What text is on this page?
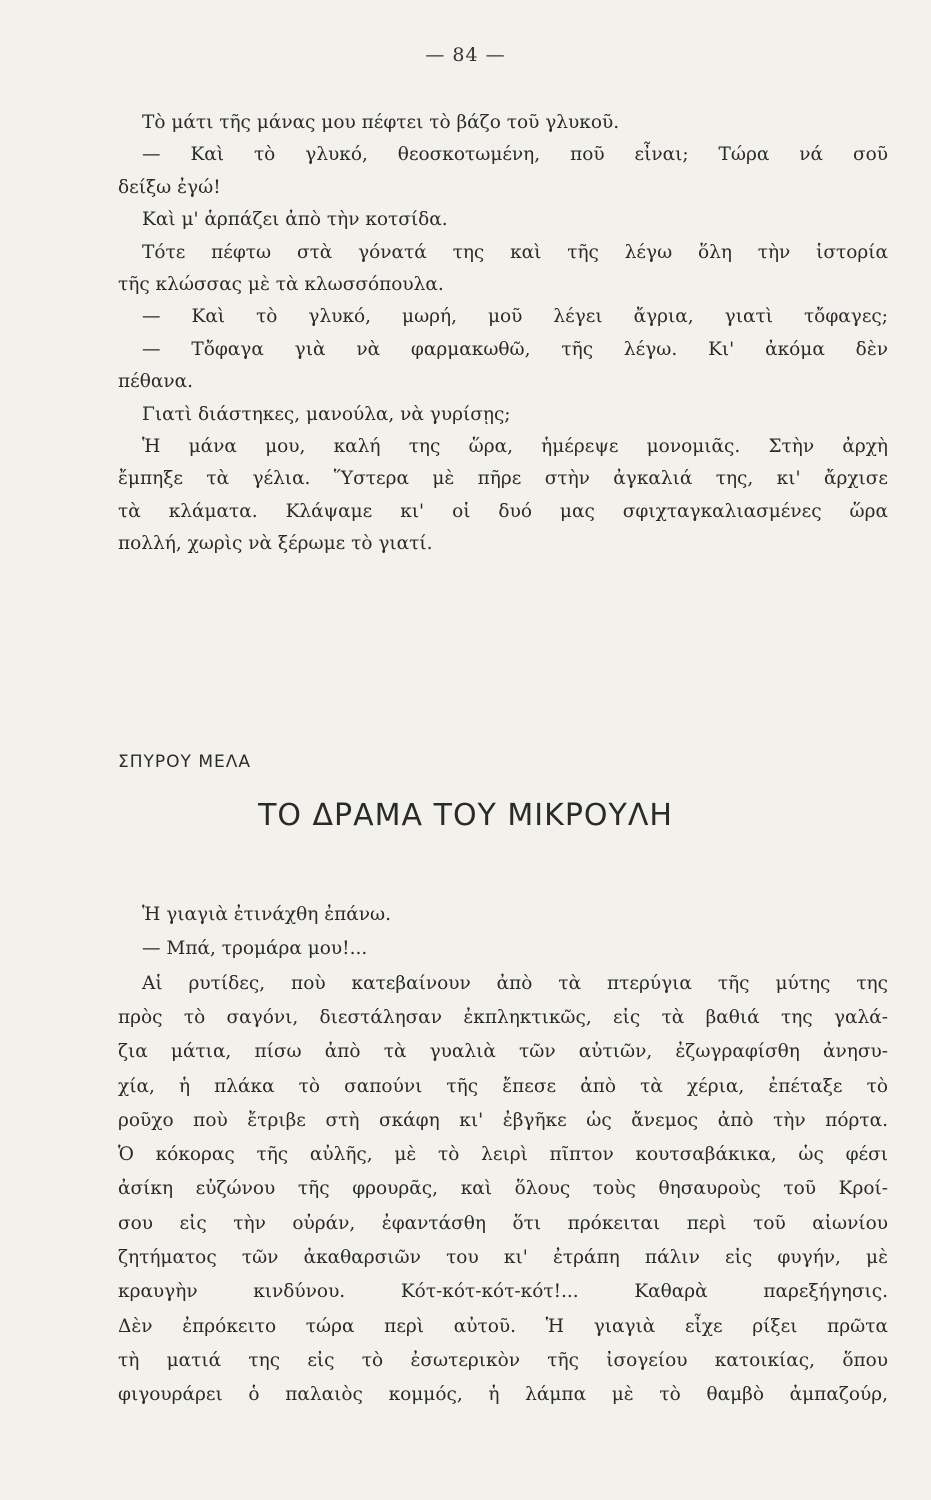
— 84 —
Τὸ μάτι τῆς μάνας μου πέφτει τὸ βάζο τοῦ γλυκοῦ.
— Καὶ τὸ γλυκό, θεοσκοτωμένη, ποῦ εἶναι; Τώρα νά σοῦ
δείξω ἐγώ!
Καὶ μ' ἁρπάζει ἀπὸ τὴν κοτσίδα.
Τότε πέφτω στὰ γόνατά της καὶ τῆς λέγω ὅλη τὴν ἱστορία
τῆς κλώσσας μὲ τὰ κλωσσόπουλα.
— Καὶ τὸ γλυκό, μωρή, μοῦ λέγει ἄγρια, γιατὶ τὄφαγες;
— Τὄφαγα γιὰ νὰ φαρμακωθῶ, τῆς λέγω. Κι' ἀκόμα δὲν
πέθανα.
Γιατὶ διάστηκες, μανούλα, νὰ γυρίσῃς;
Ἡ μάνα μου, καλή της ὥρα, ἡμέρεψε μονομιᾶς. Στὴν ἀρχὴ
ἔμπηξε τὰ γέλια. Ὕστερα μὲ πῆρε στὴν ἀγκαλιά της, κι' ἄρχισε
τὰ κλάματα. Κλάψαμε κι' οἱ δυό μας σφιχταγκαλιασμένες ὥρα
πολλή, χωρὶς νὰ ξέρωμε τὸ γιατί.
ΣΠΥΡΟΥ ΜΕΛΑ
ΤΟ ΔΡΑΜΑ ΤΟΥ ΜΙΚΡΟΥΛΗ
Ἡ γιαγιὰ ἐτινάχθη ἐπάνω.
— Μπά, τρομάρα μου!...
Αἱ ρυτίδες, ποὺ κατεβαίνουν ἀπὸ τὰ πτερύγια τῆς μύτης της
πρὸς τὸ σαγόνι, διεστάλησαν ἐκπληκτικῶς, εἰς τὰ βαθιά της γαλά-
ζια μάτια, πίσω ἀπὸ τὰ γυαλιὰ τῶν αὐτιῶν, ἐζωγραφίσθη ἀνησυ-
χία, ἡ πλάκα τὸ σαπούνι τῆς ἔπεσε ἀπὸ τὰ χέρια, ἐπέταξε τὸ
ροῦχο ποὺ ἔτριβε στὴ σκάφη κι' ἐβγῆκε ὡς ἄνεμος ἀπὸ τὴν πόρτα.
Ὁ κόκορας τῆς αὐλῆς, μὲ τὸ λειρὶ πῖπτον κουτσαβάκικα, ὡς φέσι
ἀσίκη εὐζώνου τῆς φρουρᾶς, καὶ ὅλους τοὺς θησαυροὺς τοῦ Κροί-
σου εἰς τὴν οὐράν, ἐφαντάσθη ὅτι πρόκειται περὶ τοῦ αἰωνίου
ζητήματος τῶν ἀκαθαρσιῶν του κι' ἐτράπη πάλιν εἰς φυγήν, μὲ
κραυγὴν κινδύνου. Κότ-κότ-κότ-κότ!... Καθαρὰ παρεξήγησις.
Δὲν ἐπρόκειτο τώρα περὶ αὐτοῦ. Ἡ γιαγιὰ εἶχε ρίξει πρῶτα
τὴ ματιά της εἰς τὸ ἐσωτερικὸν τῆς ἰσογείου κατοικίας, ὅπου
φιγουράρει ὁ παλαιὸς κομμός, ἡ λάμπα μὲ τὸ θαμβὸ ἀμπαζούρ,
